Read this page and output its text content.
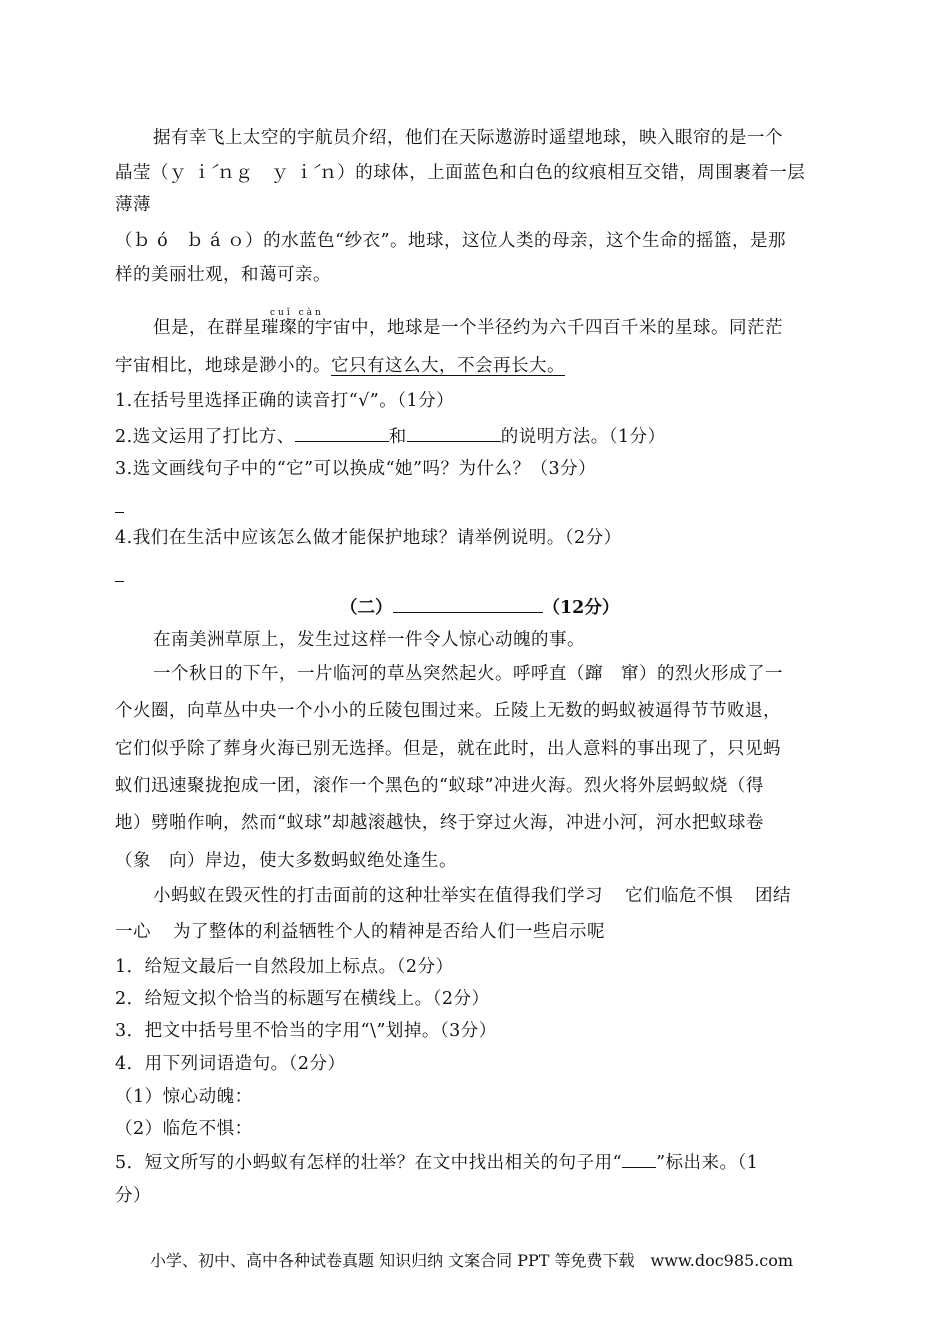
据有幸飞上太空的宇航员介绍，他们在天际遨游时遥望地球，映入眼帘的是一个
晶莹（ｙ ｉ́ ｎｇ　ｙ ｉ́ ｎ）的球体，上面蓝色和白色的纹痕相互交错，周围裹着一层
薄薄
（ｂ ó　ｂ á ｏ）的水蓝色“纱衣”。地球，这位人类的母亲，这个生命的摇篮，是那
样的美丽壮观，和蔼可亲。
cuǐ càn
但是，在群星璀璨的宇宙中，地球是一个半径约为六千四百千米的星球。同茫茫
宇宙相比，地球是渺小的。它只有这么大，不会再长大。
1.在括号里选择正确的读音打“√”。（1分）
2.选文运用了打比方、	和	的说明方法。（1分）
3.选文画线句子中的“它”可以换成“她”吗？为什么？（3分）
4.我们在生活中应该怎么做才能保护地球？请举例说明。（2分）
（二）	（12分）
在南美洲草原上，发生过这样一件令人惊心动魄的事。
一个秋日的下午，一片临河的草丛突然起火。呼呼直（蹿　窜）的烈火形成了一
个火圈，向草丛中央一个小小的丘陵包围过来。丘陵上无数的蚂蚁被逼得节节败退，
它们似乎除了葬身火海已别无选择。但是，就在此时，出人意料的事出现了，只见蚂
蚁们迅速聚拢抱成一团，滚作一个黑色的“蚁球”冲进火海。烈火将外层蚂蚁烧（得
地）劈啪作响，然而“蚁球”却越滚越快，终于穿过火海，冲进小河，河水把蚁球卷
（象　向）岸边，使大多数蚂蚁绝处逢生。
小蚂蚁在毁灭性的打击面前的这种壮举实在值得我们学习 它们临危不惧 团结
一心 为了整体的利益牺牲个人的精神是否给人们一些启示呢
1．给短文最后一自然段加上标点。（2分）
2．给短文拟个恰当的标题写在横线上。（2分）
3．把文中括号里不恰当的字用“\”划掉。（3分）
4．用下列词语造句。（2分）
（1）惊心动魄：
（2）临危不惧：
5．短文所写的小蚂蚁有怎样的壮举？在文中找出相关的句子用“ ”标出来。（1
分）
小学、初中、高中各种试卷真题 知识归纳 文案合同 PPT 等免费下载　www.doc985.com
